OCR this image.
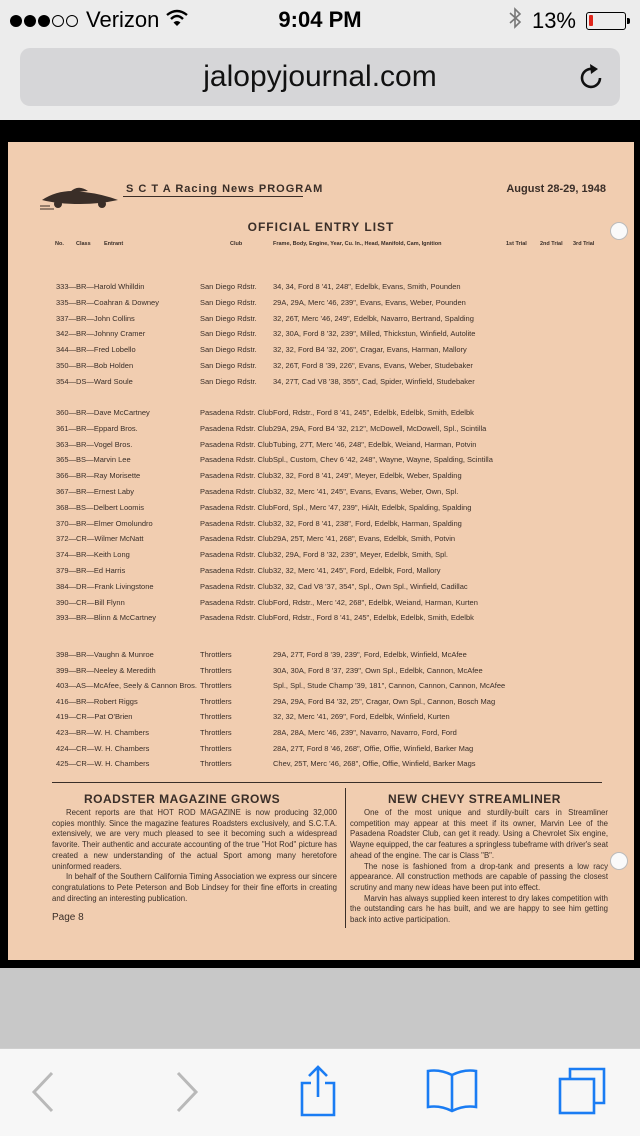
Verizon	9:04 PM	13%
jalopyjournal.com
S C T A Racing News PROGRAM	August 28-29, 1948
OFFICIAL ENTRY LIST
No. Class Entrant	Club	Frame, Body, Engine, Year, Cu. In., Head, Manifold, Cam, Ignition	1st Trial 2nd Trial 3rd Trial
333—BR—Harold Whilldin	San Diego Rdstr. 34, 34, Ford 8 '41, 248", Edelbk, Evans, Smith, Pounden
335—BR—Coahran & Downey	San Diego Rdstr. 29A, 29A, Merc '46, 239", Evans, Evans, Weber, Pounden
337—BR—John Collins	San Diego Rdstr. 32, 26T, Merc '46, 249", Edelbk, Navarro, Bertrand, Spalding
342—BR—Johnny Cramer	San Diego Rdstr. 32, 30A, Ford 8 '32, 239", Milled, Thickstun, Winfield, Autolite
344—BR—Fred Lobello	San Diego Rdstr. 32, 32, Ford B4 '32, 206", Cragar, Evans, Harman, Mallory
350—BR—Bob Holden	San Diego Rdstr. 32, 26T, Ford 8 '39, 226", Evans, Evans, Weber, Studebaker
354—DS—Ward Soule	San Diego Rdstr. 34, 27T, Cad V8 '38, 355", Cad, Spider, Winfield, Studebaker
360—BR—Dave McCartney	Pasadena Rdstr. Club Ford, Rdstr., Ford 8 '41, 245", Edelbk, Edelbk, Smith, Edelbk
361—BR—Eppard Bros.	Pasadena Rdstr. Club 29A, 29A, Ford B4 '32, 212", McDowell, McDowell, Spl., Scintilla
363—BR—Vogel Bros.	Pasadena Rdstr. Club Tubing, 27T, Merc '46, 248", Edelbk, Weiand, Harman, Potvin
365—BS—Marvin Lee	Pasadena Rdstr. Club Spl., Custom, Chev 6 '42, 248", Wayne, Wayne, Spalding, Scintilla
366—BR—Ray Morisette	Pasadena Rdstr. Club 32, 32, Ford 8 '41, 249", Meyer, Edelbk, Weber, Spalding
367—BR—Ernest Laby	Pasadena Rdstr. Club 32, 32, Merc '41, 245", Evans, Evans, Weber, Own, Spl.
368—BS—Delbert Loomis	Pasadena Rdstr. Club Ford, Spl., Merc '47, 239", HiAlt, Edelbk, Spalding, Spalding
370—BR—Elmer Omolundro	Pasadena Rdstr. Club 32, 32, Ford 8 '41, 238", Ford, Edelbk, Harman, Spalding
372—CR—Wilmer McNatt	Pasadena Rdstr. Club 29A, 25T, Merc '41, 268", Evans, Edelbk, Smith, Potvin
374—BR—Keith Long	Pasadena Rdstr. Club 32, 29A, Ford 8 '32, 239", Meyer, Edelbk, Smith, Spl.
379—BR—Ed Harris	Pasadena Rdstr. Club 32, 32, Merc '41, 245", Ford, Edelbk, Ford, Mallory
384—DR—Frank Livingstone	Pasadena Rdstr. Club 32, 32, Cad V8 '37, 354", Spl., Own Spl., Winfield, Cadillac
390—CR—Bill Flynn	Pasadena Rdstr. Club Ford, Rdstr., Merc '42, 268", Edelbk, Weiand, Harman, Kurten
393—BR—Blinn & McCartney	Pasadena Rdstr. Club Ford, Rdstr., Ford 8 '41, 245", Edelbk, Edelbk, Smith, Edelbk
398—BR—Vaughn & Munroe	Throttlers	29A, 27T, Ford 8 '39, 239", Ford, Edelbk, Winfield, McAfee
399—BR—Neeley & Meredith	Throttlers	30A, 30A, Ford 8 '37, 239", Own Spl., Edelbk, Cannon, McAfee
403—AS—McAfee, Seely & Cannon Bros. Throttlers	Spl., Spl., Stude Champ '39, 181", Cannon, Cannon, Cannon, McAfee
416—BR—Robert Riggs	Throttlers	29A, 29A, Ford B4 '32, 25", Cragar, Own Spl., Cannon, Bosch Mag
419—CR—Pat O'Brien	Throttlers	32, 32, Merc '41, 269", Ford, Edelbk, Winfield, Kurten
423—BR—W. H. Chambers	Throttlers	28A, 28A, Merc '46, 239", Navarro, Navarro, Ford, Ford
424—CR—W. H. Chambers	Throttlers	28A, 27T, Ford 8 '46, 268", Offie, Offie, Winfield, Barker Mag
425—CR—W. H. Chambers	Throttlers	Chev, 25T, Merc '46, 268", Offie, Offie, Winfield, Barker Mags
ROADSTER MAGAZINE GROWS

Recent reports are that HOT ROD MAGAZINE is now producing 32,000 copies monthly. Since the magazine features Roadsters exclusively, and S.C.T.A. extensively, we are very much pleased to see it becoming such a widespread favorite. Their authentic and accurate accounting of the true "Hot Rod" picture has created a new understanding of the actual Sport among many heretofore uninformed readers.

In behalf of the Southern California Timing Association we express our sincere congratulations to Pete Peterson and Bob Lindsey for their fine efforts in creating and directing an interesting publication.

NEW CHEVY STREAMLINER

One of the most unique and sturdily-built cars in Streamliner competition may appear at this meet if its owner, Marvin Lee of the Pasadena Roadster Club, can get it ready. Using a Chevrolet Six engine, Wayne equipped, the car features a springless tubeframe with driver's seat ahead of the engine. The car is Class "B".

The nose is fashioned from a drop-tank and presents a low racy appearance. All construction methods are capable of passing the closest scrutiny and many new ideas have been put into effect.

Marvin has always supplied keen interest to dry lakes competition with the outstanding cars he has built, and we are happy to see him getting back into active participation.

Page 8
